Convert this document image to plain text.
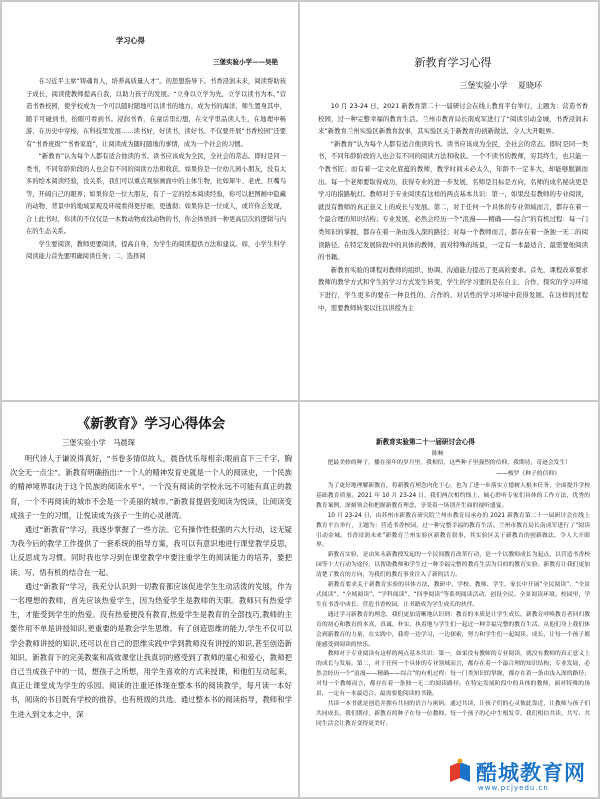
学习心得

三堡实验小学——吴艳

在习近平主席“铸魂育人，培养高质量人才”。的思想指导下。书香浸润未来，阅读帮助孩子成长，阅读使教师提高自我，以助力孩子的发展。“立身以立学为先，立学以读书为本。”营造书香校园，使学校成为一个可以随时随地可以读书的地方，成为书的海洋，师生置身其中，随手可碰到书，抬眼可看到书。浸润书香，在童话里幻想，在文学里品读人生，在地理中畅游，在历史中穿梭，在科技里发展……读书好，好读书，读好书。不仅要开展“书香校园”还要有“书香班级”“书香家庭”，让阅读成为随时随地的事情，成为一个社会的习惯。

“新教育”认为每个人都有适合他读的书。读书应该成为全民，全社会的常态。即时是同一类书，不同年龄阶段的人也会有不同的阅读方法和收获。如果你是一位幼儿园小朋友，没有太多的绘本阅读经验，没关系，我们可以重点观察画面中的主体生物，比如犀牛、老虎、巨嘴鸟等，开阔自己的眼界；如果你是一位大朋友，有了一定的绘本阅读经验，你可以把图画中隐藏的动物、背景中的地域景观及环境看得更仔细，更透彻；如果你是一位成人，或许你会发现，合上此书时，你读的不仅仅是一本数动物或找动物的书，你会体悟到一种更高层次的逻辑与内在的生态关系。

学生要阅读，教师更要阅读，提高自身，为学生的阅读提供方法和建议。如，小学生科学阅读能力首先要明确阅读任务；二、选择阅

新教育学习心得

三堡实验小学　 夏晓环

10 月 23-24 日，2021 新教育第二十一届研讨会在线上教育平台举行，主题为：营造书香校园，过一种完整幸福的教育生活。兰州市教育局长南成军进行了“阅读引动金城，书香浸润未来”新教育兰州实验区新教育叙事，其实验区关于新教育的创新做法，令人大开眼界。

“新教育”认为每个人都有适合他读的书。读书应该成为全民，全社会的常态。即时是同一类书，不同年龄阶段的人也会有不同的阅读方法和收获。一个不读书的教师，穷其终生，也只能一个教书匠；而有着一定文化底蕴的教师，教学时间未必太久，年龄不一定多大，却能够脱颖而出。每一个老师要取得成功，获得专业的进一步发展，名师是目标是方向，名师的成名秘诀更是学习的指路航灯。教师对于专业阅读有这样的两点基本共识：第一，如果没有教师的专业阅读，就没有教师的真正意义上的成长与发展。第二，对于任何一个具体的专业领域而言，都存在着一个最合理的知识结构；专业发展，必然会经历一个“浪漫——精确——综合”的有机过程：每一门类知识的掌握，都存在着一条由浅入深的路径；对每一个教师而言，都存在着一条独一无二的阅读路径。在特定发展阶段中的具体的教师，面对特殊的场景，一定有一本最适合、最需要他阅读的书籍。

新教育实验的课程对教师的组织、协调、沟通能力提出了更高的要求。首先，课程改革要求教师的教学方式和学生的学习方式发生转变，学生的学习要的是在自主、合作、探究的学习环境下进行，学生更多的要在一种良性的、合作的、对话性的学习环境中获得发展。在这样的过程中，需要教师转变以往以讲授为主

《新教育》学习心得体会

三堡实验小学　马晨琛

明代诗人于谦说得真好，“书卷多情似故人，晨昏忧乐每相亲;眼前直下三千字，胸次全无一点尘”。新教育明确指出:“一个人的精神发育史就是一个人的阅读史，一个民族的精神境界取决于这个民族的阅读水平”。一个没有阅读的学校永远不可能有真正的教育，一个不再阅读的城市不会是一个美丽的城市。”新教育提倡变阅读为悦读，让阅读变成孩子一生的习惯，让悦读成为孩子一生的心灵港湾。

通过“新教育”学习，我逐步掌握了一些方法。它有操作性很强的六大行动，这无疑为我今后的教学工作提供了一套系统的指导方案，我可以有意识地进行课堂教学反思，让反思成为习惯。同时我也学习到在课堂教学中要注重学生的阅读能力的培养，要把读、写、悟有机的结合在一起。

通过“新教育”学习，我充分认识到一切教育都应该促进学生生动活泼的发展，作为一名理想的教师，首先应该热爱学生，因为热爱学生是教师的天职。教师只有热爱学生，才能受到学生的热爱。没有热爱便没有教育,热爱学生是教育的全部技巧,教师的主要作用不单是讲授知识,更重要的是教会学生思维。有了创造思维的能力,学生不仅可以学会教师讲授的知识,还可以在自己的思维实践中学到教师没有讲授的知识,甚至创造新知识。新教育下的完美教案和高效课堂让我真切的感受到了教师的童心和爱心，教师把自己当成孩子中的一员，想孩子之所想，用学生喜欢的方式来授课，和他们互动起来，真正让课堂成为学生的乐园。阅读的注重还体现在整本书的阅读教学，每月读一本好书，阅读的书目既有学校的推荐，也有班级的共选。通过整本书的阅读指导，教师和学生进入到文本之中，深

新教育实验第二十一届研讨会心得

陈畅

把最美妙的种子，播在童年的岁月里，我相信，这些种子里强烈的信仰，我期待，奇迹会发生！

——梭罗《种子的信仰》

为了更好地理解新教育，将新教育理念内化于心，也为了进一步落实立德树人根本任务，全面提升学校基础教育质量。2021 年 10 月 23-24 日，我们两次相约线上，倾心聆听专家们具体的工作方法，优秀的教育案例，深刻领会和把握新教育理念，享受着一场别开生面的视听盛宴。

10 月 23-24 日，由苏州市新教育研究院兰州市教育局承办的 2021 新教育第二十一届研讨会在线上教育平台举行，主题为：营造书香校园，过一种完整幸福的教育生活。兰州市教育局长南成军进行了“阅读引动金城，书香浸润未来”新教育兰州实验区新教育叙事，其实验区关于新教育的创新做法，令人大开眼界。

新教育实验，是由朱永新教授发起的一个民间教育改革行动，是一个以教师成长为起点，以营造书香校园等十大行动为途径，以帮助教师和学生过一种幸福完整的教育生活为目的的教育实验。新教育让我们更加清楚了教育的方向，为我们的教育事业注入了新的活力。

新教育要求关于新教育实验的具体方法，教研中，学校、教师、学生、家长中开展“全民阅读”、“全景式阅读”、“全域阅读”、“学科阅读”、“四季阅读”等系列阅读活动，创设全民、全景阅读环境。校园里，学生在书香中成长。营造书香校园，让书籍成为学生成长的伙伴。

通过学习新教育的理念，我们更加清晰地认识到：教育的本质是让学生成长。新教育呼唤教育者回归教育的初心和教育的本真，真诚、朴实、执着地与学生们一起过一种幸福完整的教育生活。从他们身上我们体会到新教育的力量，在实践中，我将一边学习，一边探索，努力和学生们一起阅读、成长，让每一个孩子都能感受到阅读的快乐。

教师对于专业阅读有这样的两点基本共识：第一，如果没有教师的专业阅读，就没有教师的真正意义上的成长与发展。第二，对于任何一个具体的专业领域而言，都存在着一个最合理的知识结构；专业发展，必然会经历一个“浪漫——精确——综合”的有机过程：每一门类知识的掌握，都存在着一条由浅入深的路径；对每一个教师而言，都存在着一条独一无二的阅读路径。在特定发展阶段中的具体的教师，面对特殊的场景，一定有一本最适合、最需要他阅读的书籍。

共读一本书就是创造并拥有共同的语言与密码。通过共读，让孩子们的心灵彼此靠近，让教师与孩子们共同成长，我们期待，新教育的种子在每一位教师、每一个孩子的心中生根发芽，我们相信共读、共写、共同生活会让教育变得更美好。

酷城教育网
www.pcjyedu.cn
